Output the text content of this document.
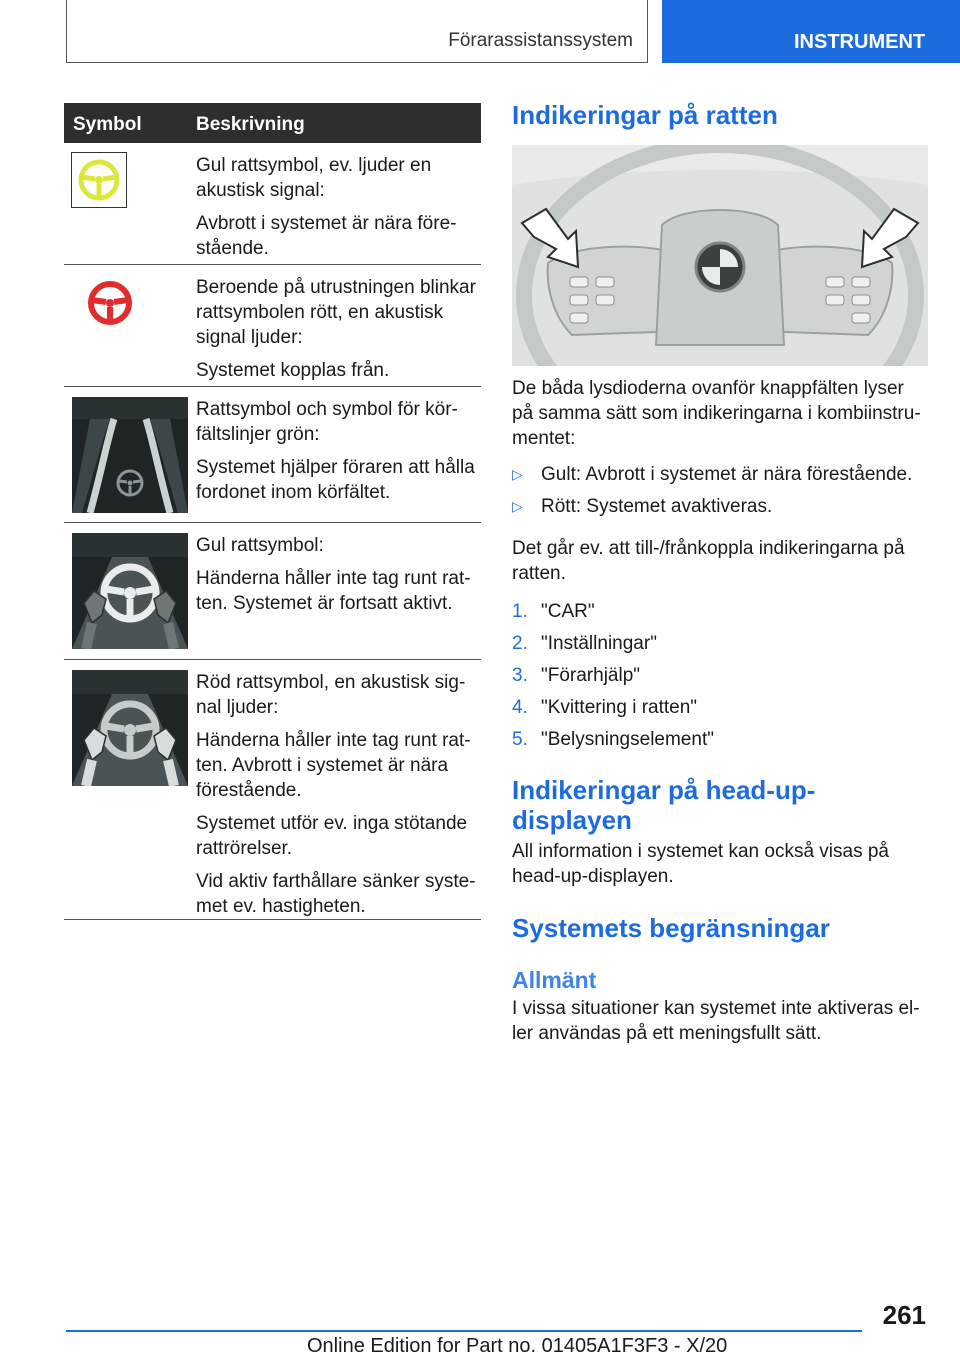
Förarassistanssystem	INSTRUMENT
Symbol	Beskrivning

Gul rattsymbol, ev. ljuder en akustisk signal:

Avbrott i systemet är nära förestående.

Beroende på utrustningen blinkar rattsymbolen rött, en akustisk signal ljuder:

Systemet kopplas från.

Rattsymbol och symbol för körfältslinjer grön:

Systemet hjälper föraren att hålla fordonet inom körfältet.

Gul rattsymbol:

Händerna håller inte tag runt ratten. Systemet är fortsatt aktivt.

Röd rattsymbol, en akustisk signal ljuder:

Händerna håller inte tag runt ratten. Avbrott i systemet är nära förestående.

Systemet utför ev. inga stötande rattrörelser.

Vid aktiv farthållare sänker systemet ev. hastigheten.

Indikeringar på ratten

De båda lysdioderna ovanför knappfälten lyser på samma sätt som indikeringarna i kombiinstrumentet:

▷ Gult: Avbrott i systemet är nära förestående.
▷ Rött: Systemet avaktiveras.

Det går ev. att till-/frånkoppla indikeringarna på ratten.

1. "CAR"
2. "Inställningar"
3. "Förarhjälp"
4. "Kvittering i ratten"
5. "Belysningselement"
Indikeringar på head-up-displayen

All information i systemet kan också visas på head-up-displayen.

Systemets begränsningar
Allmänt

I vissa situationer kan systemet inte aktiveras eller användas på ett meningsfullt sätt.

261
Online Edition for Part no. 01405A1F3F3 - X/20
